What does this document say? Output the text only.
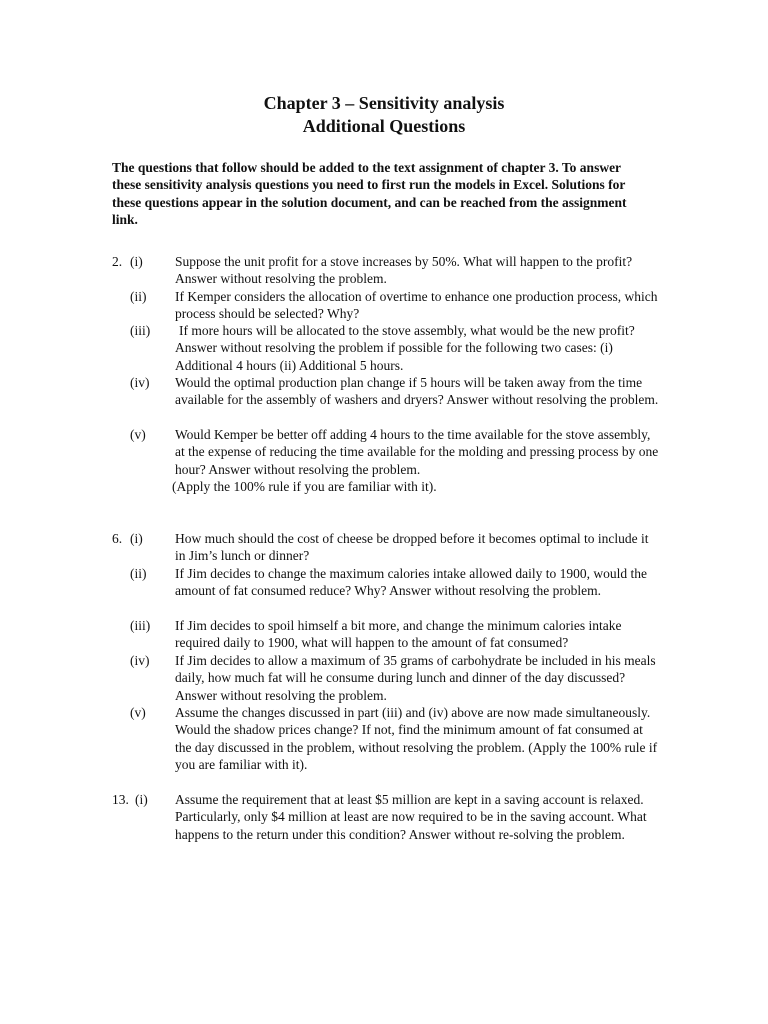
Chapter 3 – Sensitivity analysis
Additional Questions
The questions that follow should be added to the text assignment of chapter 3. To answer these sensitivity analysis questions you need to first run the models in Excel. Solutions for these questions appear in the solution document, and can be reached from the assignment link.
2. (i)	Suppose the unit profit for a stove increases by 50%. What will happen to the profit? Answer without resolving the problem.
(ii)	If Kemper considers the allocation of overtime to enhance one production process, which process should be selected? Why?
(iii)	If more hours will be allocated to the stove assembly, what would be the new profit? Answer without resolving the problem if possible for the following two cases: (i) Additional 4 hours (ii) Additional 5 hours.
(iv)	Would the optimal production plan change if 5 hours will be taken away from the time available for the assembly of washers and dryers? Answer without resolving the problem.
(v)	Would Kemper be better off adding 4 hours to the time available for the stove assembly, at the expense of reducing the time available for the molding and pressing process by one hour? Answer without resolving the problem.
(Apply the 100% rule if you are familiar with it).
6. (i)	How much should the cost of cheese be dropped before it becomes optimal to include it in Jim’s lunch or dinner?
(ii)	If Jim decides to change the maximum calories intake allowed daily to 1900, would the amount of fat consumed reduce? Why? Answer without resolving the problem.
(iii)	If Jim decides to spoil himself a bit more, and change the minimum calories intake required daily to 1900, what will happen to the amount of fat consumed?
(iv)	If Jim decides to allow a maximum of 35 grams of carbohydrate be included in his meals daily, how much fat will he consume during lunch and dinner of the day discussed? Answer without resolving the problem.
(v)	Assume the changes discussed in part (iii) and (iv) above are now made simultaneously. Would the shadow prices change? If not, find the minimum amount of fat consumed at the day discussed in the problem, without resolving the problem. (Apply the 100% rule if you are familiar with it).
13. (i)	Assume the requirement that at least $5 million are kept in a saving account is relaxed. Particularly, only $4 million at least are now required to be in the saving account. What happens to the return under this condition? Answer without re-solving the problem.
